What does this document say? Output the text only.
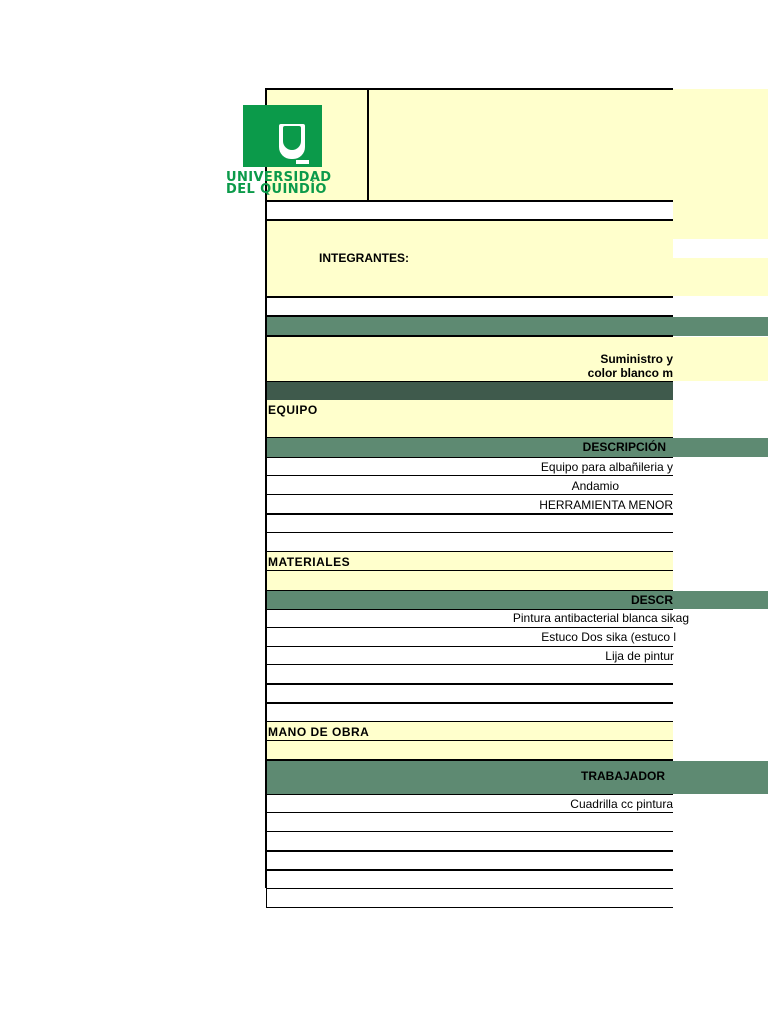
UNIVERSIDAD
DEL QUINDÍO
INTEGRANTES:
Suministro y
color blanco m
EQUIPO
DESCRIPCIÓN
Equipo para albañileria y
Andamio
HERRAMIENTA MENOR
MATERIALES
DESCR
Pintura antibacterial blanca sikag
Estuco Dos sika (estuco l
Lija de pintur
MANO DE OBRA
TRABAJADOR
Cuadrilla cc pintura
